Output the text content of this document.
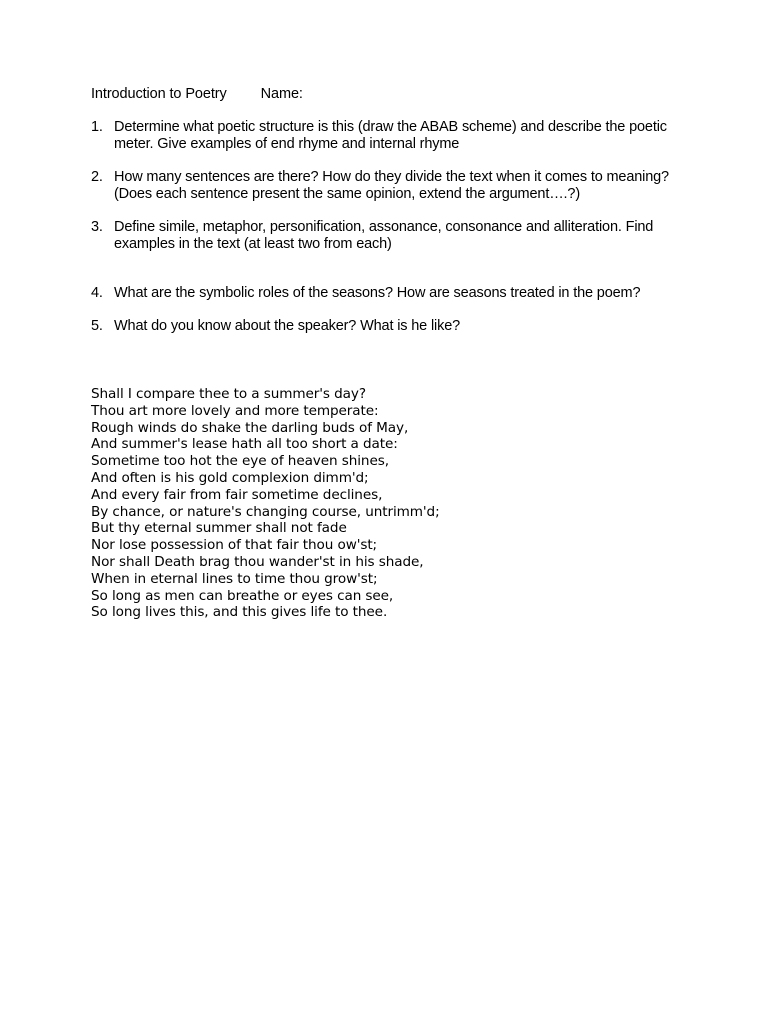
Introduction to Poetry Name:
1. Determine what poetic structure is this (draw the ABAB scheme) and describe the poetic meter. Give examples of end rhyme and internal rhyme
2. How many sentences are there? How do they divide the text when it comes to meaning? (Does each sentence present the same opinion, extend the argument….?)
3. Define simile, metaphor, personification, assonance, consonance and alliteration. Find examples in the text (at least two from each)
4. What are the symbolic roles of the seasons? How are seasons treated in the poem?
5. What do you know about the speaker? What is he like?
Shall I compare thee to a summer's day?
Thou art more lovely and more temperate:
Rough winds do shake the darling buds of May,
And summer's lease hath all too short a date:
Sometime too hot the eye of heaven shines,
And often is his gold complexion dimm'd;
And every fair from fair sometime declines,
By chance, or nature's changing course, untrimm'd;
But thy eternal summer shall not fade
Nor lose possession of that fair thou ow'st;
Nor shall Death brag thou wander'st in his shade,
When in eternal lines to time thou grow'st;
So long as men can breathe or eyes can see,
So long lives this, and this gives life to thee.
